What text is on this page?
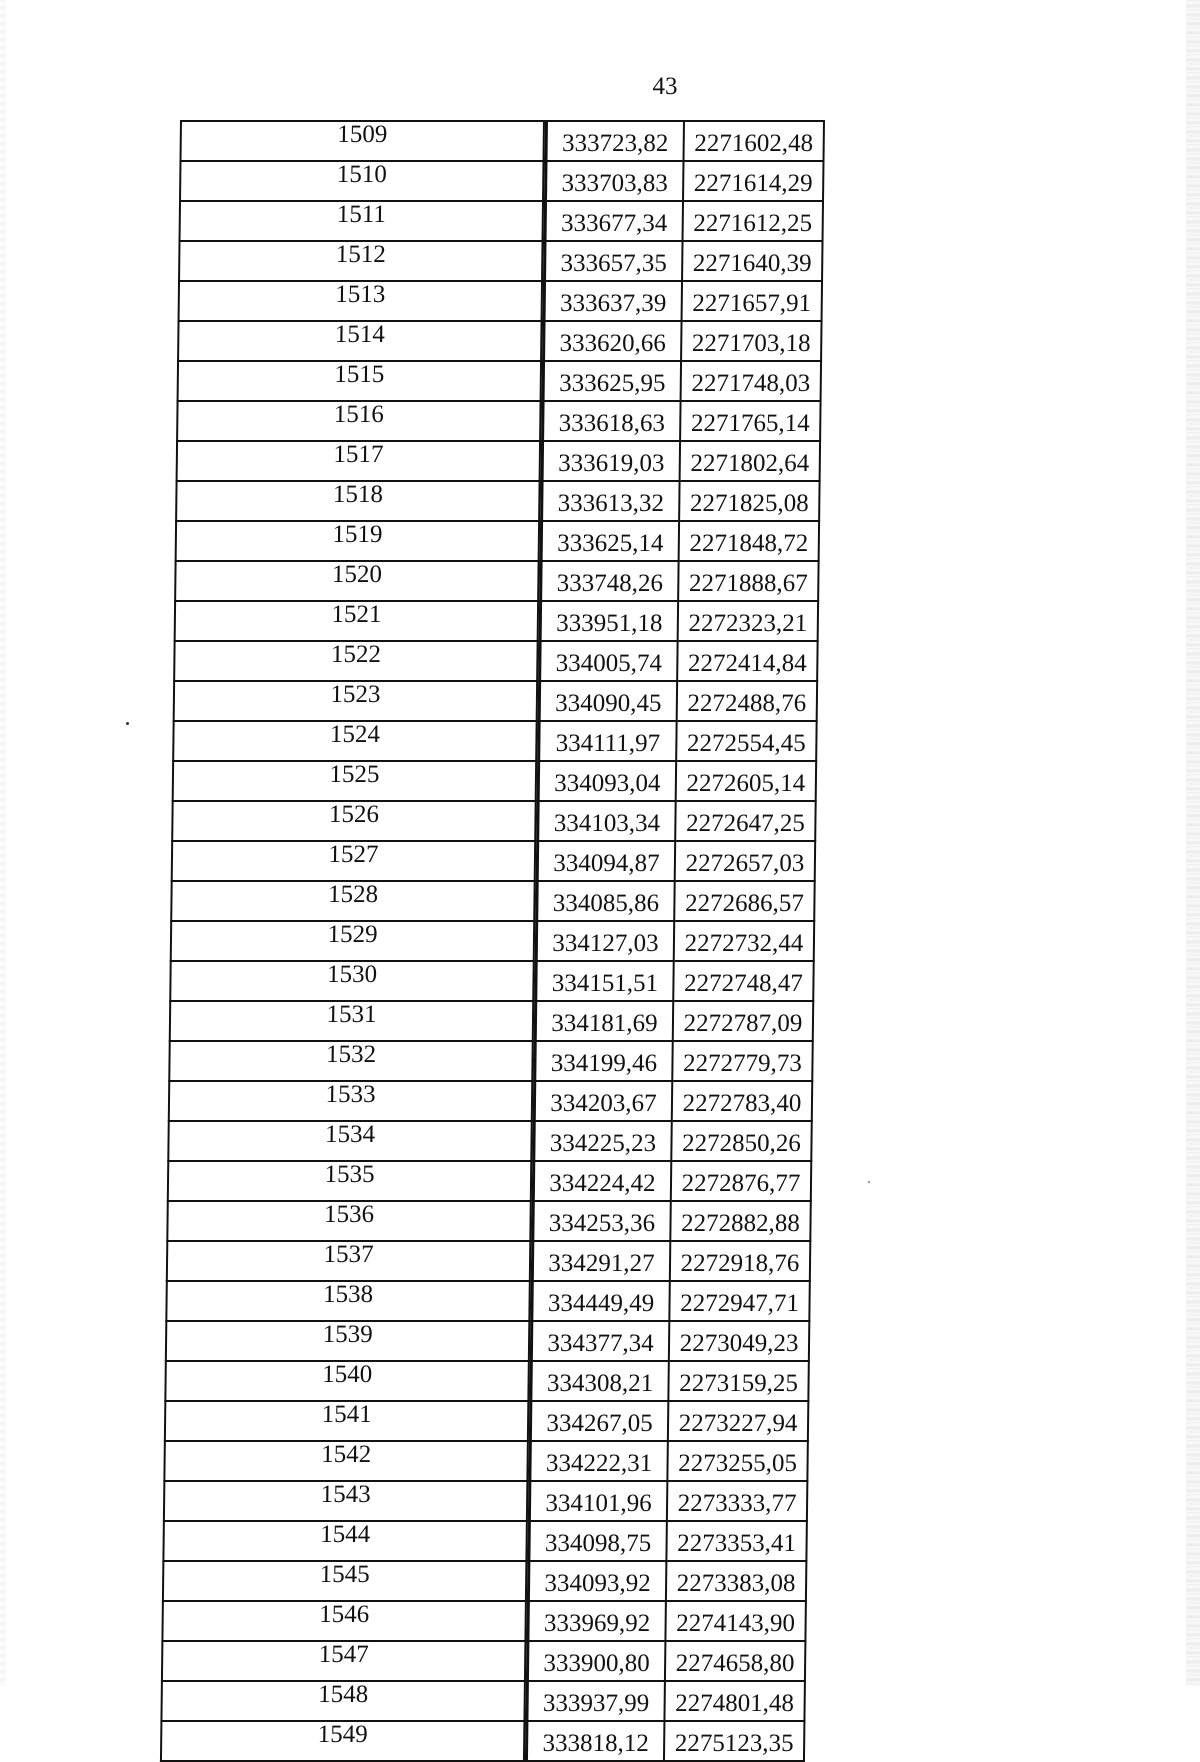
43
1509	333723,82	2271602,48
1510	333703,83	2271614,29
1511	333677,34	2271612,25
1512	333657,35	2271640,39
1513	333637,39	2271657,91
1514	333620,66	2271703,18
1515	333625,95	2271748,03
1516	333618,63	2271765,14
1517	333619,03	2271802,64
1518	333613,32	2271825,08
1519	333625,14	2271848,72
1520	333748,26	2271888,67
1521	333951,18	2272323,21
1522	334005,74	2272414,84
1523	334090,45	2272488,76
1524	334111,97	2272554,45
1525	334093,04	2272605,14
1526	334103,34	2272647,25
1527	334094,87	2272657,03
1528	334085,86	2272686,57
1529	334127,03	2272732,44
1530	334151,51	2272748,47
1531	334181,69	2272787,09
1532	334199,46	2272779,73
1533	334203,67	2272783,40
1534	334225,23	2272850,26
1535	334224,42	2272876,77
1536	334253,36	2272882,88
1537	334291,27	2272918,76
1538	334449,49	2272947,71
1539	334377,34	2273049,23
1540	334308,21	2273159,25
1541	334267,05	2273227,94
1542	334222,31	2273255,05
1543	334101,96	2273333,77
1544	334098,75	2273353,41
1545	334093,92	2273383,08
1546	333969,92	2274143,90
1547	333900,80	2274658,80
1548	333937,99	2274801,48
1549	333818,12	2275123,35
